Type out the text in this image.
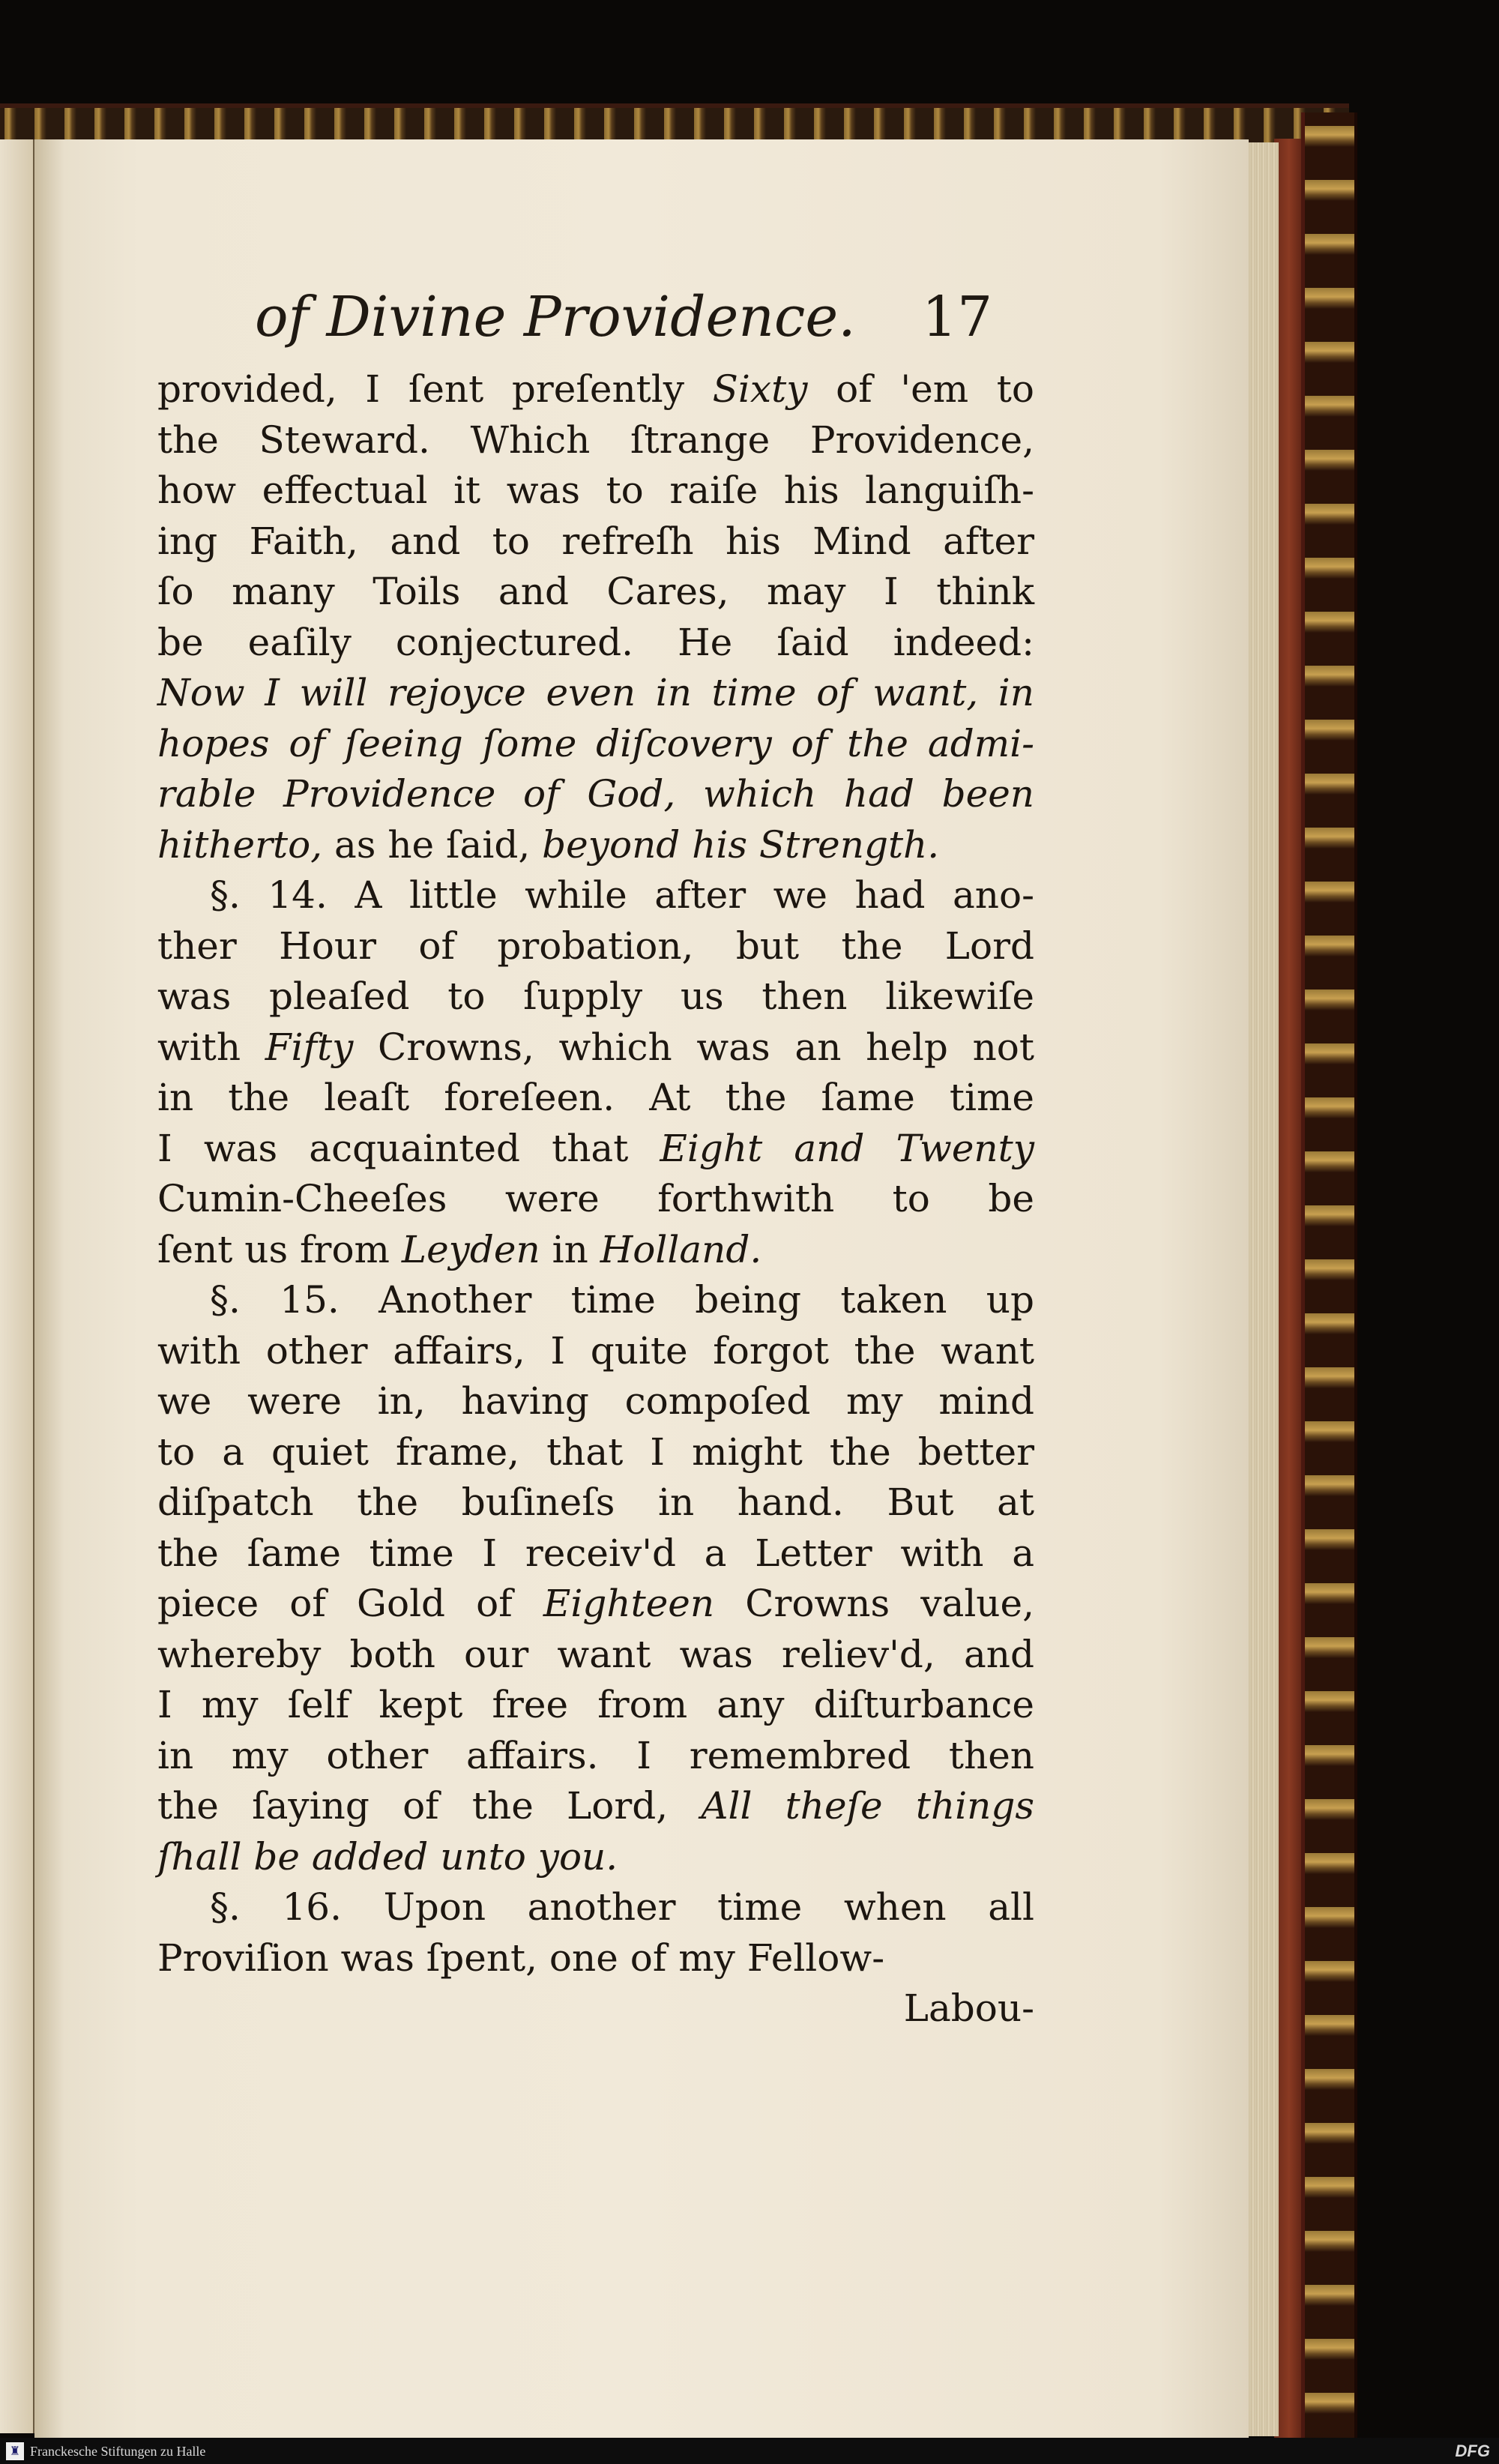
of Divine Providence.	17
provided, I ſent preſently Sixty of 'em to
the Steward. Which ſtrange Providence,
how effectual it was to raiſe his languiſh-
ing Faith, and to refreſh his Mind after
ſo many Toils and Cares, may I think
be eaſily conjectured. He ſaid indeed:
Now I will rejoyce even in time of want, in
hopes of ſeeing ſome diſcovery of the admi-
rable Providence of God, which had been
hitherto, as he ſaid, beyond his Strength.
§. 14. A little while after we had ano-
ther Hour of probation, but the Lord
was pleaſed to ſupply us then likewiſe
with Fifty Crowns, which was an help not
in the leaſt foreſeen. At the ſame time
I was acquainted that Eight and Twenty
Cumin-Cheeſes were forthwith to be
ſent us from Leyden in Holland.
§. 15. Another time being taken up
with other affairs, I quite forgot the want
we were in, having compoſed my mind
to a quiet frame, that I might the better
diſpatch the buſineſs in hand. But at
the ſame time I receiv'd a Letter with a
piece of Gold of Eighteen Crowns value,
whereby both our want was reliev'd, and
I my ſelf kept free from any diſturbance
in my other affairs. I remembred then
the ſaying of the Lord, All theſe things
ſhall be added unto you.
§. 16. Upon another time when all
Proviſion was ſpent, one of my Fellow-
Labou-
♜ Franckesche Stiftungen zu Halle	DFG
